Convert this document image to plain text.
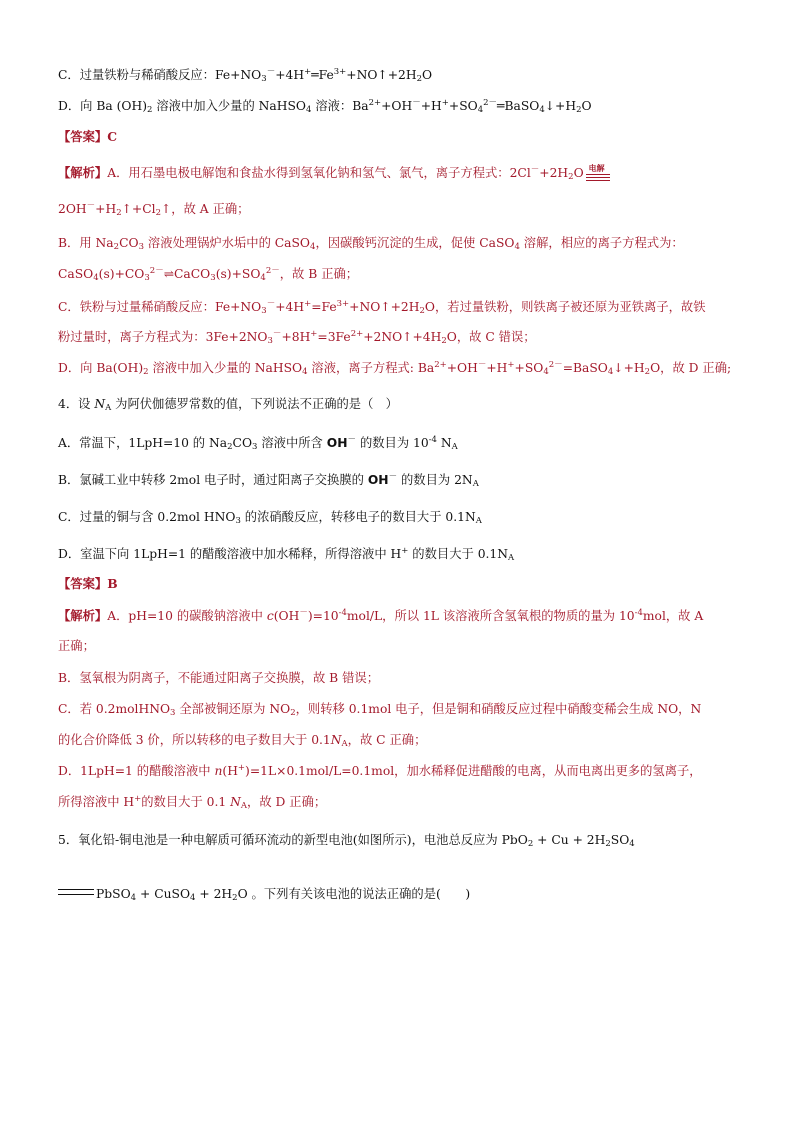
C．过量铁粉与稀硝酸反应：$Fe+NO_3^-+4H^+═Fe^{3+}+NO↑+2H_2O$
D．向 Ba $(OH)_2$ 溶液中加入少量的 NaHSO$_4$ 溶液：$Ba^{2+}+OH^-+H^++SO_4^{2-}═BaSO_4↓+H_2O$
【答案】C
【解析】A．用石墨电极电解饱和食盐水得到氢氧化钠和氢气、氯气，离子方程式：$2Cl^-+2H_2O$ 电解
$2OH^-+H_2↑+Cl_2↑$，故 A 正确；
B．用 $Na_2CO_3$ 溶液处理锅炉水垢中的 CaSO$_4$，因碳酸钙沉淀的生成，促使 CaSO$_4$ 溶解，相应的离子方程式为：
$CaSO_4(s)+CO_3^{2-}\rightleftharpoons CaCO_3(s)+SO_4^{2-}$，故 B 正确；
C．铁粉与过量稀硝酸反应：$Fe+NO_3^-+4H^+=Fe^{3+}+NO↑+2H_2O$，若过量铁粉，则铁离子被还原为亚铁离子，故铁
粉过量时，离子方程式为：$3Fe+2NO_3^-+8H^+=3Fe^{2+}+2NO↑+4H_2O$，故 C 错误；
D．向 $Ba(OH)_2$ 溶液中加入少量的 NaHSO$_4$ 溶液，离子方程式: $Ba^{2+}+OH^-+H^++SO_4^{2-}=BaSO_4↓+H_2O$，故 D 正确;
4．设 $N_A$ 为阿伏伽德罗常数的值，下列说法不正确的是（　）
A．常温下，1LpH=10 的 $Na_2CO_3$ 溶液中所含 OH－ 的数目为 $10^{-4}$ $N_A$
B．氯碱工业中转移 2mol 电子时，通过阳离子交换膜的 OH－ 的数目为 $2N_A$
C．过量的铜与含 0.2mol $HNO_3$ 的浓硝酸反应，转移电子的数目大于 $0.1N_A$
D．室温下向 1LpH=1 的醋酸溶液中加水稀释，所得溶液中 H+ 的数目大于 $0.1N_A$
【答案】B
【解析】A．pH=10 的碳酸钠溶液中 $c(OH^-)=10^{-4}mol/L$，所以 1L 该溶液所含氢氧根的物质的量为 $10^{-4}mol$，故 A
正确；
B．氢氧根为阴离子，不能通过阳离子交换膜，故 B 错误；
C．若 0.2molHNO$_3$ 全部被铜还原为 $NO_2$，则转移 0.1mol 电子，但是铜和硝酸反应过程中硝酸变稀会生成 NO，N
的化合价降低 3 价，所以转移的电子数目大于 $0.1N_A$，故 C 正确；
D．1LpH=1 的醋酸溶液中 n(H+)=1L×0.1mol/L=0.1mol，加水稀释促进醋酸的电离，从而电离出更多的氢离子，
所得溶液中 H+的数目大于 0.1 $N_A$，故 D 正确；
5．氧化铅-铜电池是一种电解质可循环流动的新型电池(如图所示)，电池总反应为 $PbO_2 + Cu + 2H_2SO_4$
PbSO$_4$ + CuSO$_4$ + $2H_2O$ 。下列有关该电池的说法正确的是(　　)
